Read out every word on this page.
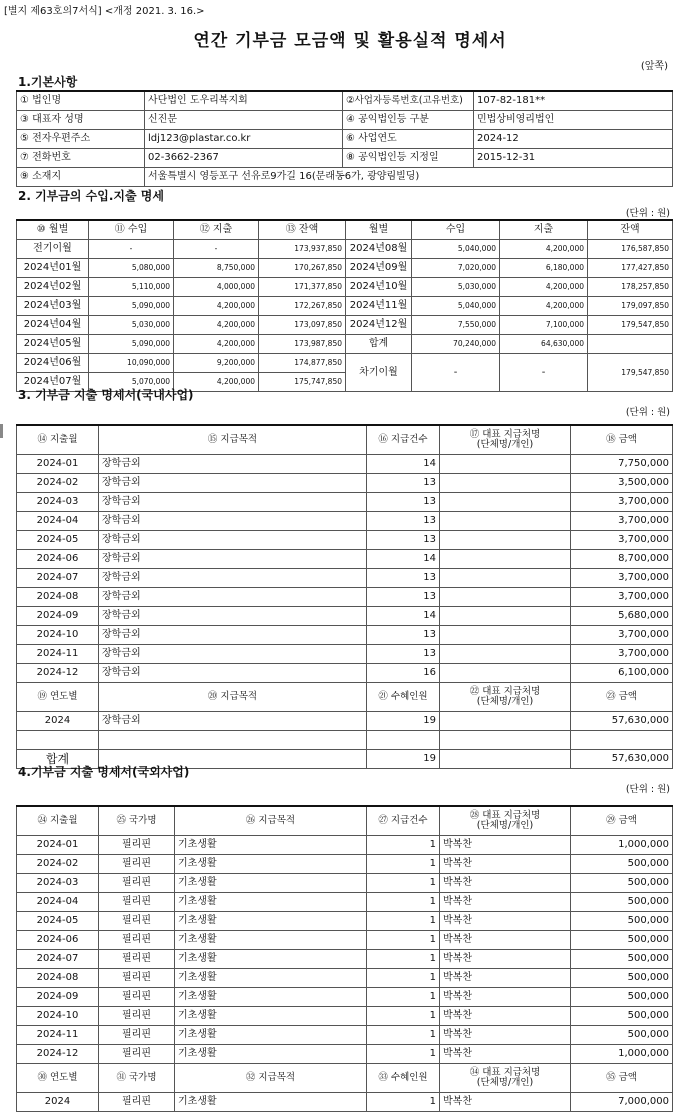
[별지 제63호의7서식] <개정 2021. 3. 16.>
연간 기부금 모금액 및 활용실적 명세서
(앞쪽)
1.기본사항
① 법인명	사단법인 도우리복지회	②사업자등록번호(고유번호)	107-82-181**
③ 대표자 성명	신진문	④ 공익법인등 구분	민법상비영리법인
⑤ 전자우편주소	ldj123@plastar.co.kr	⑥ 사업연도	2024-12
⑦ 전화번호	02-3662-2367	⑧ 공익법인등 지정일	2015-12-31
⑨ 소재지	서울특별시 영등포구 선유로9가길 16(문래동6가, 광양림빌딩)		
2. 기부금의 수입.지출 명세
(단위 : 원)
⑩ 월별	⑪ 수입	⑫ 지출	⑬ 잔액	월별	수입	지출	잔액
전기이월	-	-	173,937,850	2024년08월	5,040,000	4,200,000	176,587,850
2024년01월	5,080,000	8,750,000	170,267,850	2024년09월	7,020,000	6,180,000	177,427,850
2024년02월	5,110,000	4,000,000	171,377,850	2024년10월	5,030,000	4,200,000	178,257,850
2024년03월	5,090,000	4,200,000	172,267,850	2024년11월	5,040,000	4,200,000	179,097,850
2024년04월	5,030,000	4,200,000	173,097,850	2024년12월	7,550,000	7,100,000	179,547,850
2024년05월	5,090,000	4,200,000	173,987,850	합계	70,240,000	64,630,000	
2024년06월	10,090,000	9,200,000	174,877,850	차기이월	-	-	179,547,850
2024년07월	5,070,000	4,200,000	175,747,850				
3. 기부금 지출 명세서(국내사업)
(단위 : 원)
⑭ 지출월	⑮ 지급목적	⑯ 지급건수	⑰ 대표 지급처명
(단체명/개인)	⑱ 금액
2024-01	장학금외	14		7,750,000
2024-02	장학금외	13		3,500,000
2024-03	장학금외	13		3,700,000
2024-04	장학금외	13		3,700,000
2024-05	장학금외	13		3,700,000
2024-06	장학금외	14		8,700,000
2024-07	장학금외	13		3,700,000
2024-08	장학금외	13		3,700,000
2024-09	장학금외	14		5,680,000
2024-10	장학금외	13		3,700,000
2024-11	장학금외	13		3,700,000
2024-12	장학금외	16		6,100,000
⑲ 연도별	⑳ 지급목적	㉑ 수혜인원	㉒ 대표 지급처명
(단체명/개인)	㉓ 금액
2024	장학금외	19		57,630,000

합계		19		57,630,000
4.기부금 지출 명세서(국외사업)
(단위 : 원)
㉔ 지출월	㉕ 국가명	㉖ 지급목적	㉗ 지급건수	㉘ 대표 지급처명
(단체명/개인)	㉙ 금액
2024-01	필리핀	기초생활	1	박복찬	1,000,000
2024-02	필리핀	기초생활	1	박복찬	500,000
2024-03	필리핀	기초생활	1	박복찬	500,000
2024-04	필리핀	기초생활	1	박복찬	500,000
2024-05	필리핀	기초생활	1	박복찬	500,000
2024-06	필리핀	기초생활	1	박복찬	500,000
2024-07	필리핀	기초생활	1	박복찬	500,000
2024-08	필리핀	기초생활	1	박복찬	500,000
2024-09	필리핀	기초생활	1	박복찬	500,000
2024-10	필리핀	기초생활	1	박복찬	500,000
2024-11	필리핀	기초생활	1	박복찬	500,000
2024-12	필리핀	기초생활	1	박복찬	1,000,000
㉚ 연도별	㉛ 국가명	㉜ 지급목적	㉝ 수혜인원	㉞ 대표 지급처명
(단체명/개인)	㉟ 금액
2024	필리핀	기초생활	1	박복찬	7,000,000
